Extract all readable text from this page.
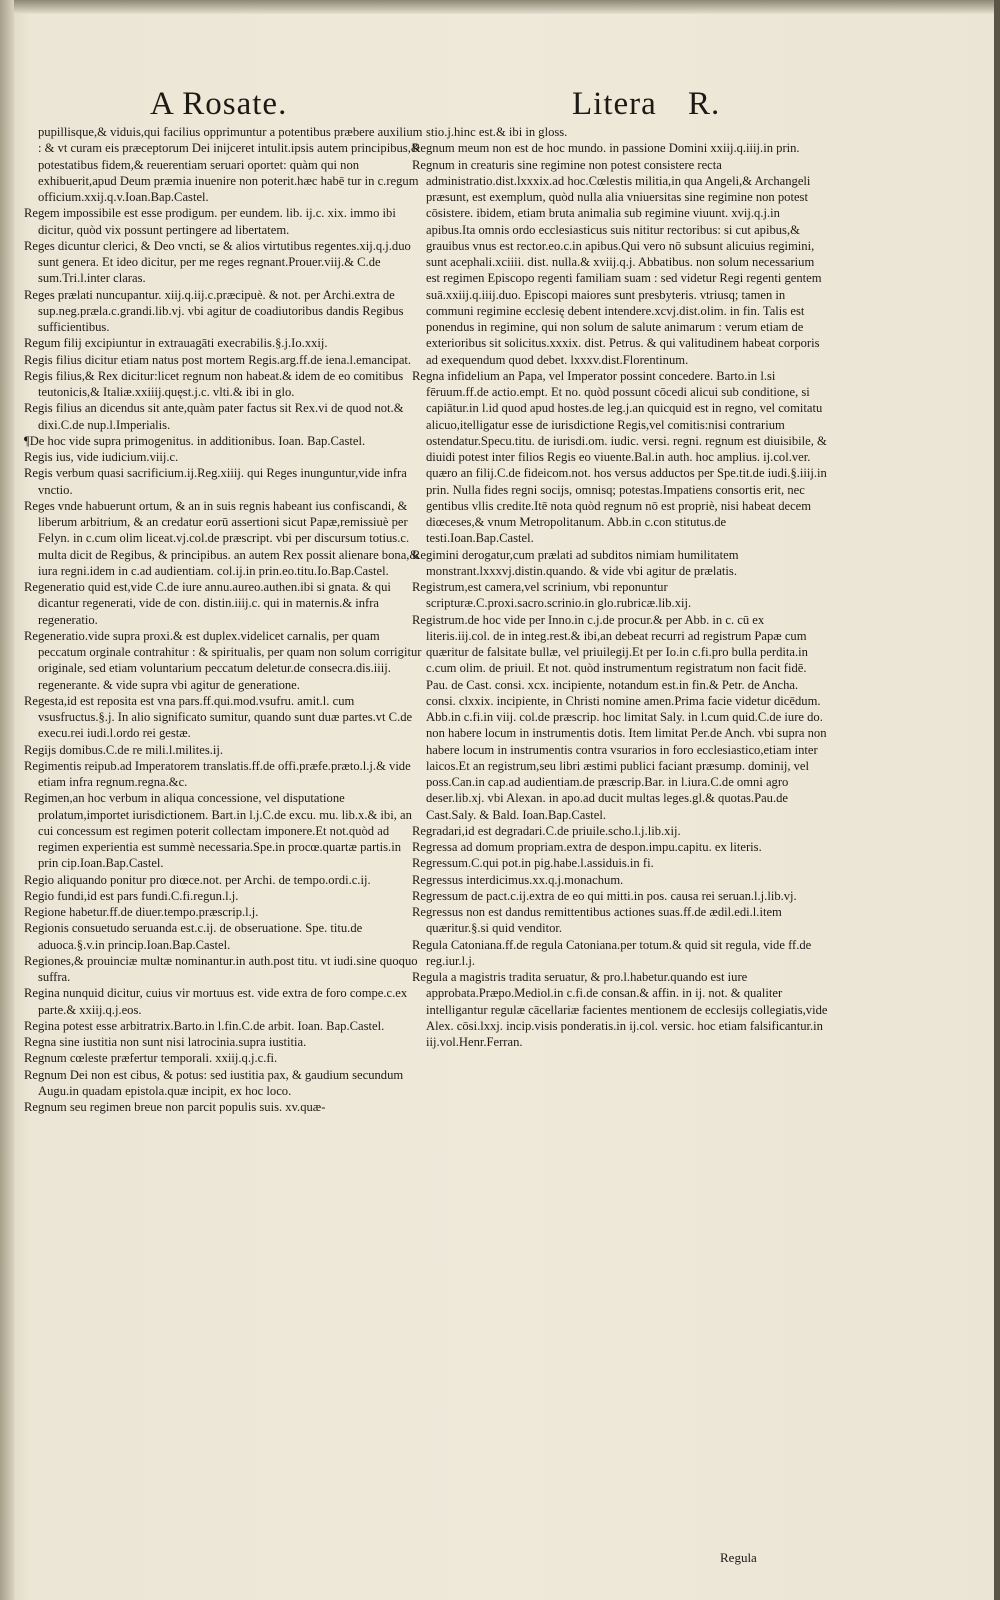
A Rosate.	Litera R.

pupillisque,& viduis,qui facilius opprimuntur a potentibus præbere auxilium : & vt curam eis præceptorum Dei inijceret intulit.ipsis autem principibus,& potestatibus fidem,& reuerentiam seruari oportet: quàm qui non exhibuerit,apud Deum præmia inuenire non poterit.hæc habē tur in c.regum officium.xxij.q.v.Ioan.Bap.Castel.

Regem impossibile est esse prodigum. per eundem. lib. ij.c. xix. immo ibi dicitur, quòd vix possunt pertingere ad libertatem.

Reges dicuntur clerici, & Deo vncti, se & alios virtutibus regentes.xij.q.j.duo sunt genera. Et ideo dicitur, per me reges regnant.Prouer.viij.& C.de sum.Tri.l.inter claras.

Reges prælati nuncupantur. xiij.q.iij.c.præcipuè. & not. per Archi.extra de sup.neg.præla.c.grandi.lib.vj. vbi agitur de coadiutoribus dandis Regibus sufficientibus.

Regum filij excipiuntur in extrauagāti execrabilis.§.j.Io.xxij.

Regis filius dicitur etiam natus post mortem Regis.arg.ff.de iena.l.emancipat.

Regis filius,& Rex dicitur:licet regnum non habeat.& idem de eo comitibus teutonicis,& Italiæ.xxiiij.quęst.j.c. vlti.& ibi in glo.

Regis filius an dicendus sit ante,quàm pater factus sit Rex.vi de quod not.& dixi.C.de nup.l.Imperialis.

¶De hoc vide supra primogenitus. in additionibus. Ioan. Bap.Castel.

Regis ius, vide iudicium.viij.c.

Regis verbum quasi sacrificium.ij.Reg.xiiij. qui Reges inunguntur,vide infra vnctio.

Reges vnde habuerunt ortum, & an in suis regnis habeant ius confiscandi, & liberum arbitrium, & an credatur eorū assertioni sicut Papæ,remissiuè per Felyn. in c.cum olim liceat.vj.col.de præscript. vbi per discursum totius.c. multa dicit de Regibus, & principibus. an autem Rex possit alienare bona,& iura regni.idem in c.ad audientiam. col.ij.in prin.eo.titu.Io.Bap.Castel.

Regeneratio quid est,vide C.de iure annu.aureo.authen.ibi si gnata. & qui dicantur regenerati, vide de con. distin.iiij.c. qui in maternis.& infra regeneratio.

Regeneratio.vide supra proxi.& est duplex.videlicet carnalis, per quam peccatum orginale contrahitur : & spiritualis, per quam non solum corrigitur originale, sed etiam voluntarium peccatum deletur.de consecra.dis.iiij. regenerante. & vide supra vbi agitur de generatione.

Regesta,id est reposita est vna pars.ff.qui.mod.vsufru. amit.l. cum vsusfructus.§.j. In alio significato sumitur, quando sunt duæ partes.vt C.de execu.rei iudi.l.ordo rei gestæ.

Regijs domibus.C.de re mili.l.milites.ij.

Regimentis reipub.ad Imperatorem translatis.ff.de offi.præfe.præto.l.j.& vide etiam infra regnum.regna.&c.

Regimen,an hoc verbum in aliqua concessione, vel disputatione prolatum,importet iurisdictionem. Bart.in l.j.C.de excu. mu. lib.x.& ibi, an cui concessum est regimen poterit collectam imponere.Et not.quòd ad regimen experientia est summè necessaria.Spe.in procœ.quartæ partis.in prin cip.Ioan.Bap.Castel.

Regio aliquando ponitur pro diœce.not. per Archi. de tempo.ordi.c.ij.

Regio fundi,id est pars fundi.C.fi.regun.l.j.

Regione habetur.ff.de diuer.tempo.præscrip.l.j.

Regionis consuetudo seruanda est.c.ij. de obseruatione. Spe. titu.de aduoca.§.v.in princip.Ioan.Bap.Castel.

Regiones,& prouinciæ multæ nominantur.in auth.post titu. vt iudi.sine quoquo suffra.

Regina nunquid dicitur, cuius vir mortuus est. vide extra de foro compe.c.ex parte.& xxiij.q.j.eos.

Regina potest esse arbitratrix.Barto.in l.fin.C.de arbit. Ioan. Bap.Castel.

Regna sine iustitia non sunt nisi latrocinia.supra iustitia.

Regnum cœleste præfertur temporali. xxiij.q.j.c.fi.

Regnum Dei non est cibus, & potus: sed iustitia pax, & gaudium secundum Augu.in quadam epistola.quæ incipit, ex hoc loco.

Regnum seu regimen breue non parcit populis suis. xv.quæ-

stio.j.hinc est.& ibi in gloss.

Regnum meum non est de hoc mundo. in passione Domini xxiij.q.iiij.in prin.

Regnum in creaturis sine regimine non potest consistere recta administratio.dist.lxxxix.ad hoc.Cœlestis militia,in qua Angeli,& Archangeli præsunt, est exemplum, quòd nulla alia vniuersitas sine regimine non potest cōsistere. ibidem, etiam bruta animalia sub regimine viuunt. xvij.q.j.in apibus.Ita omnis ordo ecclesiasticus suis nititur rectoribus: si cut apibus,& grauibus vnus est rector.eo.c.in apibus.Qui vero nō subsunt alicuius regimini, sunt acephali.xciiii. dist. nulla.& xviij.q.j. Abbatibus. non solum necessarium est regimen Episcopo regenti familiam suam : sed videtur Regi regenti gentem suā.xxiij.q.iiij.duo. Episcopi maiores sunt presbyteris. vtriusq; tamen in communi regimine ecclesię debent intendere.xcvj.dist.olim. in fin. Talis est ponendus in regimine, qui non solum de salute animarum : verum etiam de exterioribus sit solicitus.xxxix. dist. Petrus. & qui valitudinem habeat corporis ad exequendum quod debet. lxxxv.dist.Florentinum.

Regna infidelium an Papa, vel Imperator possint concedere. Barto.in l.si fēruum.ff.de actio.empt. Et no. quòd possunt cōcedi alicui sub conditione, si capiātur.in l.id quod apud hostes.de leg.j.an quicquid est in regno, vel comitatu alicuo,itelligatur esse de iurisdictione Regis,vel comitis:nisi contrarium ostendatur.Specu.titu. de iurisdi.om. iudic. versi. regni. regnum est diuisibile, & diuidi potest inter filios Regis eo viuente.Bal.in auth. hoc amplius. ij.col.ver. quæro an filij.C.de fideicom.not. hos versus adductos per Spe.tit.de iudi.§.iiij.in prin. Nulla fides regni socijs, omnisq; potestas.Impatiens consortis erit, nec gentibus vllis credite.Itē nota quòd regnum nō est propriè, nisi habeat decem diœceses,& vnum Metropolitanum. Abb.in c.con stitutus.de testi.Ioan.Bap.Castel.

Regimini derogatur,cum prælati ad subditos nimiam humilitatem monstrant.lxxxvj.distin.quando. & vide vbi agitur de prælatis.

Registrum,est camera,vel scrinium, vbi reponuntur scripturæ.C.proxi.sacro.scrinio.in glo.rubricæ.lib.xij.

Registrum.de hoc vide per Inno.in c.j.de procur.& per Abb. in c. cū ex literis.iij.col. de in integ.rest.& ibi,an debeat recurri ad registrum Papæ cum quæritur de falsitate bullæ, vel priuilegij.Et per Io.in c.fi.pro bulla perdita.in c.cum olim. de priuil. Et not. quòd instrumentum registratum non facit fidē. Pau. de Cast. consi. xcx. incipiente, notandum est.in fin.& Petr. de Ancha. consi. clxxix. incipiente, in Christi nomine amen.Prima facie videtur dicēdum. Abb.in c.fi.in viij. col.de præscrip. hoc limitat Saly. in l.cum quid.C.de iure do. non habere locum in instrumentis dotis. Item limitat Per.de Anch. vbi supra non habere locum in instrumentis contra vsurarios in foro ecclesiastico,etiam inter laicos.Et an registrum,seu libri æstimi publici faciant præsump. dominij, vel poss.Can.in cap.ad audientiam.de præscrip.Bar. in l.iura.C.de omni agro deser.lib.xj. vbi Alexan. in apo.ad ducit multas leges.gl.& quotas.Pau.de Cast.Saly. & Bald. Ioan.Bap.Castel.

Regradari,id est degradari.C.de priuile.scho.l.j.lib.xij.

Regressa ad domum propriam.extra de despon.impu.capitu. ex literis.

Regressum.C.qui pot.in pig.habe.l.assiduis.in fi.

Regressus interdicimus.xx.q.j.monachum.

Regressum de pact.c.ij.extra de eo qui mitti.in pos. causa rei seruan.l.j.lib.vj.

Regressus non est dandus remittentibus actiones suas.ff.de ædil.edi.l.item quæritur.§.si quid venditor.

Regula Catoniana.ff.de regula Catoniana.per totum.& quid sit regula, vide ff.de reg.iur.l.j.

Regula a magistris tradita seruatur, & pro.l.habetur.quando est iure approbata.Præpo.Mediol.in c.fi.de consan.& affin. in ij. not. & qualiter intelligantur regulæ cācellariæ facientes mentionem de ecclesijs collegiatis,vide Alex. cōsi.lxxj. incip.visis ponderatis.in ij.col. versic. hoc etiam falsificantur.in iij.vol.Henr.Ferran.

Regula
